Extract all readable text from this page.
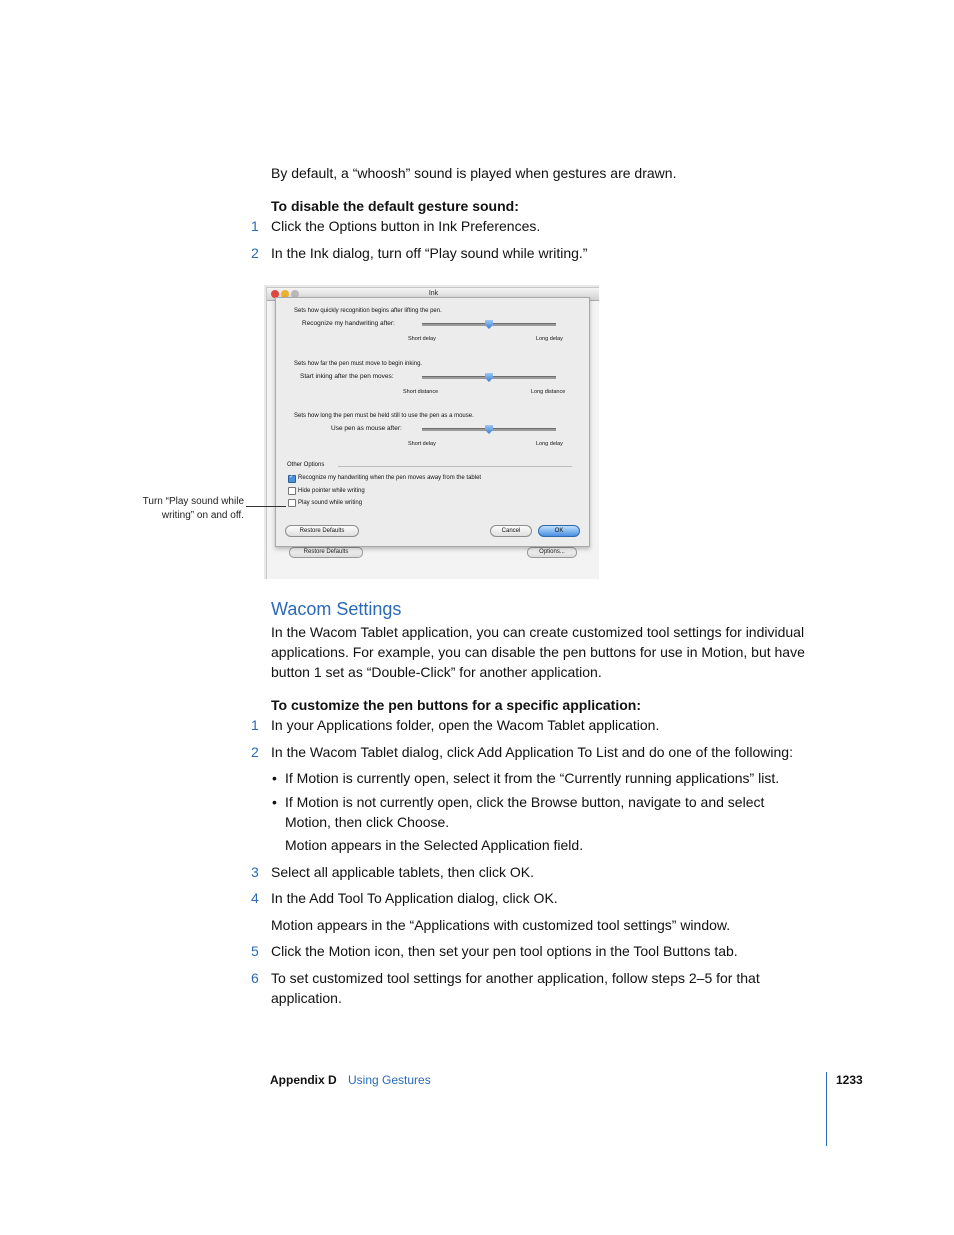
By default, a “whoosh” sound is played when gestures are drawn.

To disable the default gesture sound:

1 Click the Options button in Ink Preferences.

2 In the Ink dialog, turn off “Play sound while writing.”

Ink
Restore Defaults	Options...
Sets how quickly recognition begins after lifting the pen.
Recognize my handwriting after:
Short delay	Long delay
Sets how far the pen must move to begin inking.
Start inking after the pen moves:
Short distance	Long distance
Sets how long the pen must be held still to use the pen as a mouse.
Use pen as mouse after:
Short delay	Long delay
Other Options
✓
Recognize my handwriting when the pen moves away from the tablet
Hide pointer while writing
Play sound while writing
Restore Defaults	Cancel	OK
Turn “Play sound while
writing” on and off.
Wacom Settings

In the Wacom Tablet application, you can create customized tool settings for individual

applications. For example, you can disable the pen buttons for use in Motion, but have

button 1 set as “Double-Click” for another application.

To customize the pen buttons for a specific application:

1 In your Applications folder, open the Wacom Tablet application.

2 In the Wacom Tablet dialog, click Add Application To List and do one of the following:

• If Motion is currently open, select it from the “Currently running applications” list.

• If Motion is not currently open, click the Browse button, navigate to and select

Motion, then click Choose.

Motion appears in the Selected Application field.

3 Select all applicable tablets, then click OK.

4 In the Add Tool To Application dialog, click OK.

Motion appears in the “Applications with customized tool settings” window.

5 Click the Motion icon, then set your pen tool options in the Tool Buttons tab.

6 To set customized tool settings for another application, follow steps 2–5 for that

application.

Appendix D Using Gestures	1233
